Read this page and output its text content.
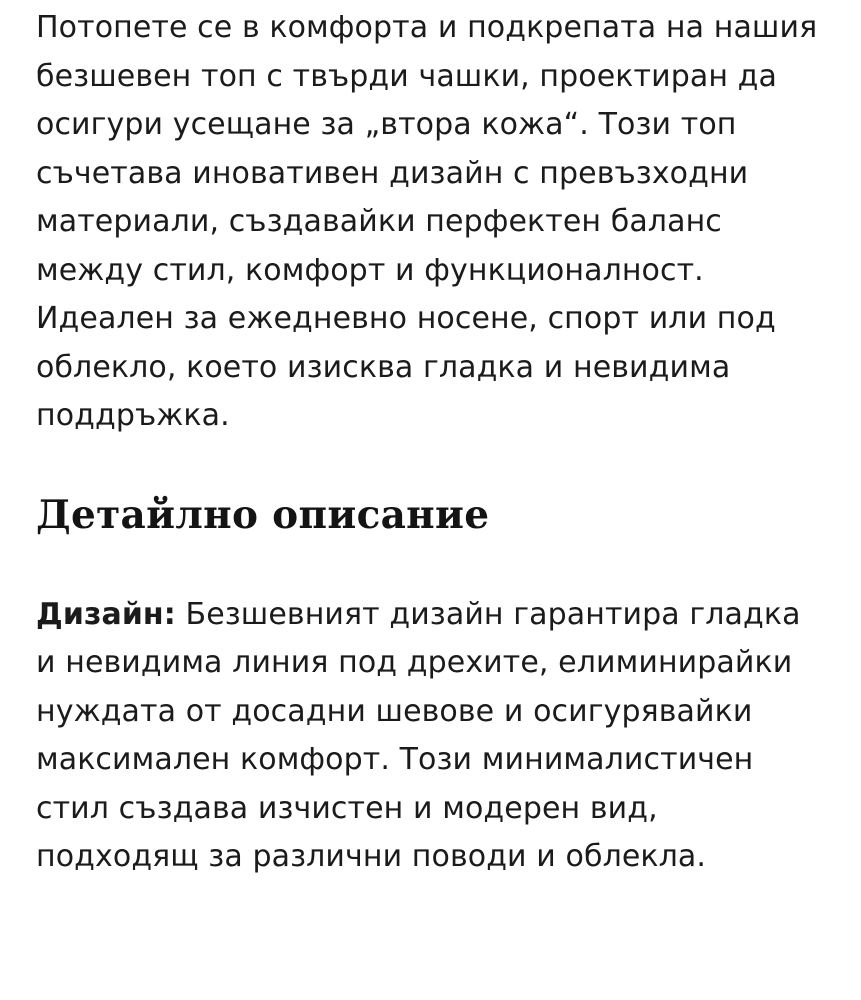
Потопете се в комфорта и подкрепата на нашия безшевен топ с твърди чашки, проектиран да осигури усещане за „втора кожа“. Този топ съчетава иновативен дизайн с превъзходни материали, създавайки перфектен баланс между стил, комфорт и функционалност. Идеален за ежедневно носене, спорт или под облекло, което изисква гладка и невидима поддръжка.

Детайлно описание

Дизайн: Безшевният дизайн гарантира гладка и невидима линия под дрехите, елиминирайки нуждата от досадни шевове и осигурявайки максимален комфорт. Този минималистичен стил създава изчистен и модерен вид, подходящ за различни поводи и облекла.
